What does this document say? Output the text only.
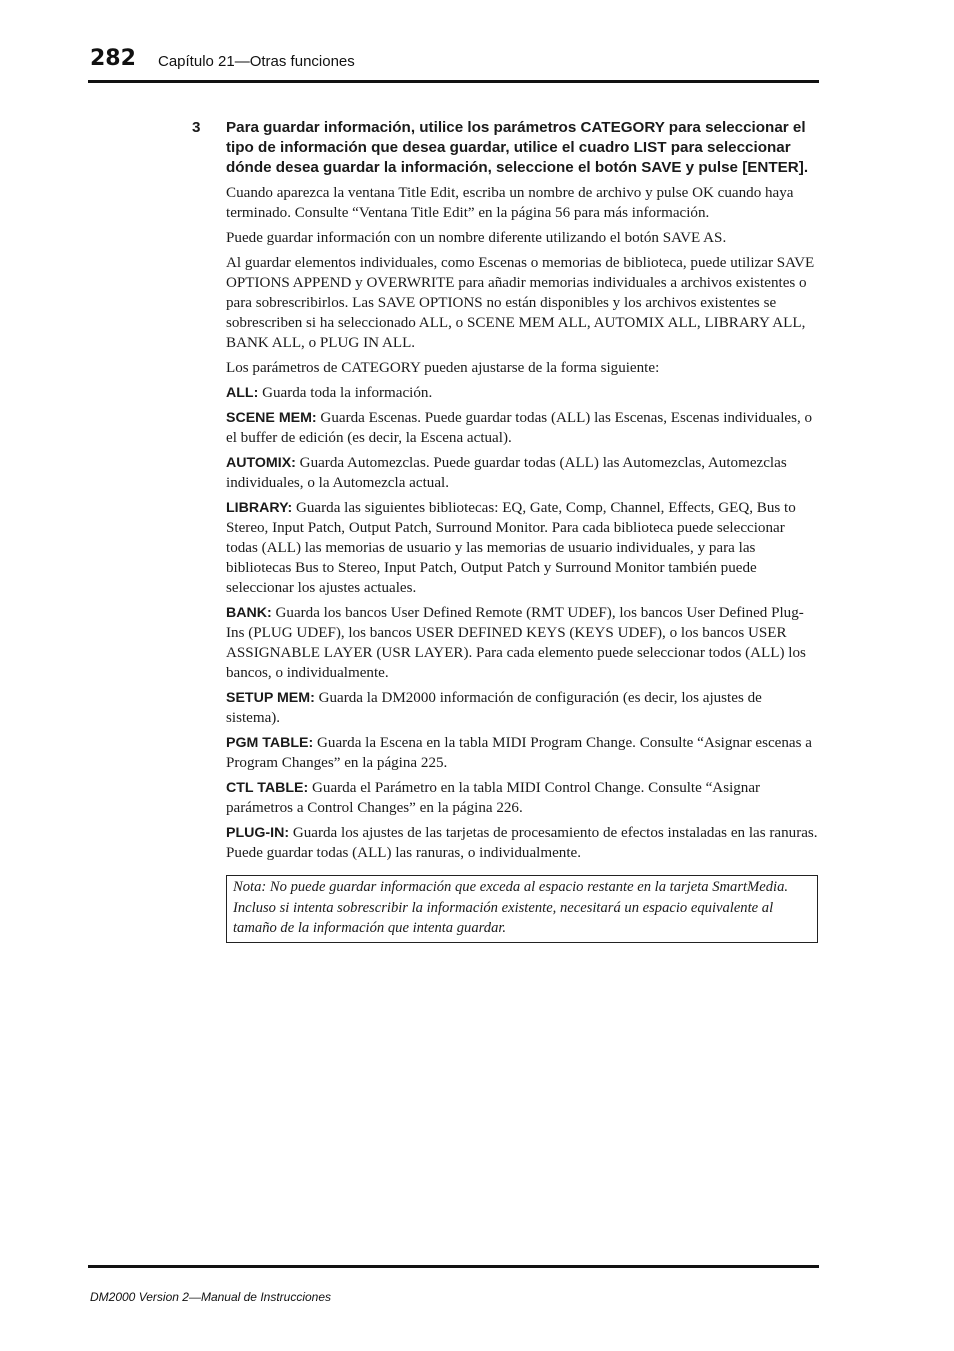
282 Capítulo 21—Otras funciones
3	Para guardar información, utilice los parámetros CATEGORY para seleccionar el tipo de información que desea guardar, utilice el cuadro LIST para seleccionar dónde desea guardar la información, seleccione el botón SAVE y pulse [ENTER].

Cuando aparezca la ventana Title Edit, escriba un nombre de archivo y pulse OK cuando haya terminado. Consulte “Ventana Title Edit” en la página 56 para más información.

Puede guardar información con un nombre diferente utilizando el botón SAVE AS.

Al guardar elementos individuales, como Escenas o memorias de biblioteca, puede utilizar SAVE OPTIONS APPEND y OVERWRITE para añadir memorias individuales a archivos existentes o para sobrescribirlos. Las SAVE OPTIONS no están disponibles y los archivos existentes se sobrescriben si ha seleccionado ALL, o SCENE MEM ALL, AUTOMIX ALL, LIBRARY ALL, BANK ALL, o PLUG IN ALL.

Los parámetros de CATEGORY pueden ajustarse de la forma siguiente:

ALL: Guarda toda la información.

SCENE MEM: Guarda Escenas. Puede guardar todas (ALL) las Escenas, Escenas individuales, o el buffer de edición (es decir, la Escena actual).

AUTOMIX: Guarda Automezclas. Puede guardar todas (ALL) las Automezclas, Automezclas individuales, o la Automezcla actual.

LIBRARY: Guarda las siguientes bibliotecas: EQ, Gate, Comp, Channel, Effects, GEQ, Bus to Stereo, Input Patch, Output Patch, Surround Monitor. Para cada biblioteca puede seleccionar todas (ALL) las memorias de usuario y las memorias de usuario individuales, y para las bibliotecas Bus to Stereo, Input Patch, Output Patch y Surround Monitor también puede seleccionar los ajustes actuales.

BANK: Guarda los bancos User Defined Remote (RMT UDEF), los bancos User Defined Plug-Ins (PLUG UDEF), los bancos USER DEFINED KEYS (KEYS UDEF), o los bancos USER ASSIGNABLE LAYER (USR LAYER). Para cada elemento puede seleccionar todos (ALL) los bancos, o individualmente.

SETUP MEM: Guarda la DM2000 información de configuración (es decir, los ajustes de sistema).

PGM TABLE: Guarda la Escena en la tabla MIDI Program Change. Consulte “Asignar escenas a Program Changes” en la página 225.

CTL TABLE: Guarda el Parámetro en la tabla MIDI Control Change. Consulte “Asignar parámetros a Control Changes” en la página 226.

PLUG-IN: Guarda los ajustes de las tarjetas de procesamiento de efectos instaladas en las ranuras. Puede guardar todas (ALL) las ranuras, o individualmente.

Nota: No puede guardar información que exceda al espacio restante en la tarjeta SmartMedia. Incluso si intenta sobrescribir la información existente, necesitará un espacio equivalente al tamaño de la información que intenta guardar.
DM2000 Version 2—Manual de Instrucciones
